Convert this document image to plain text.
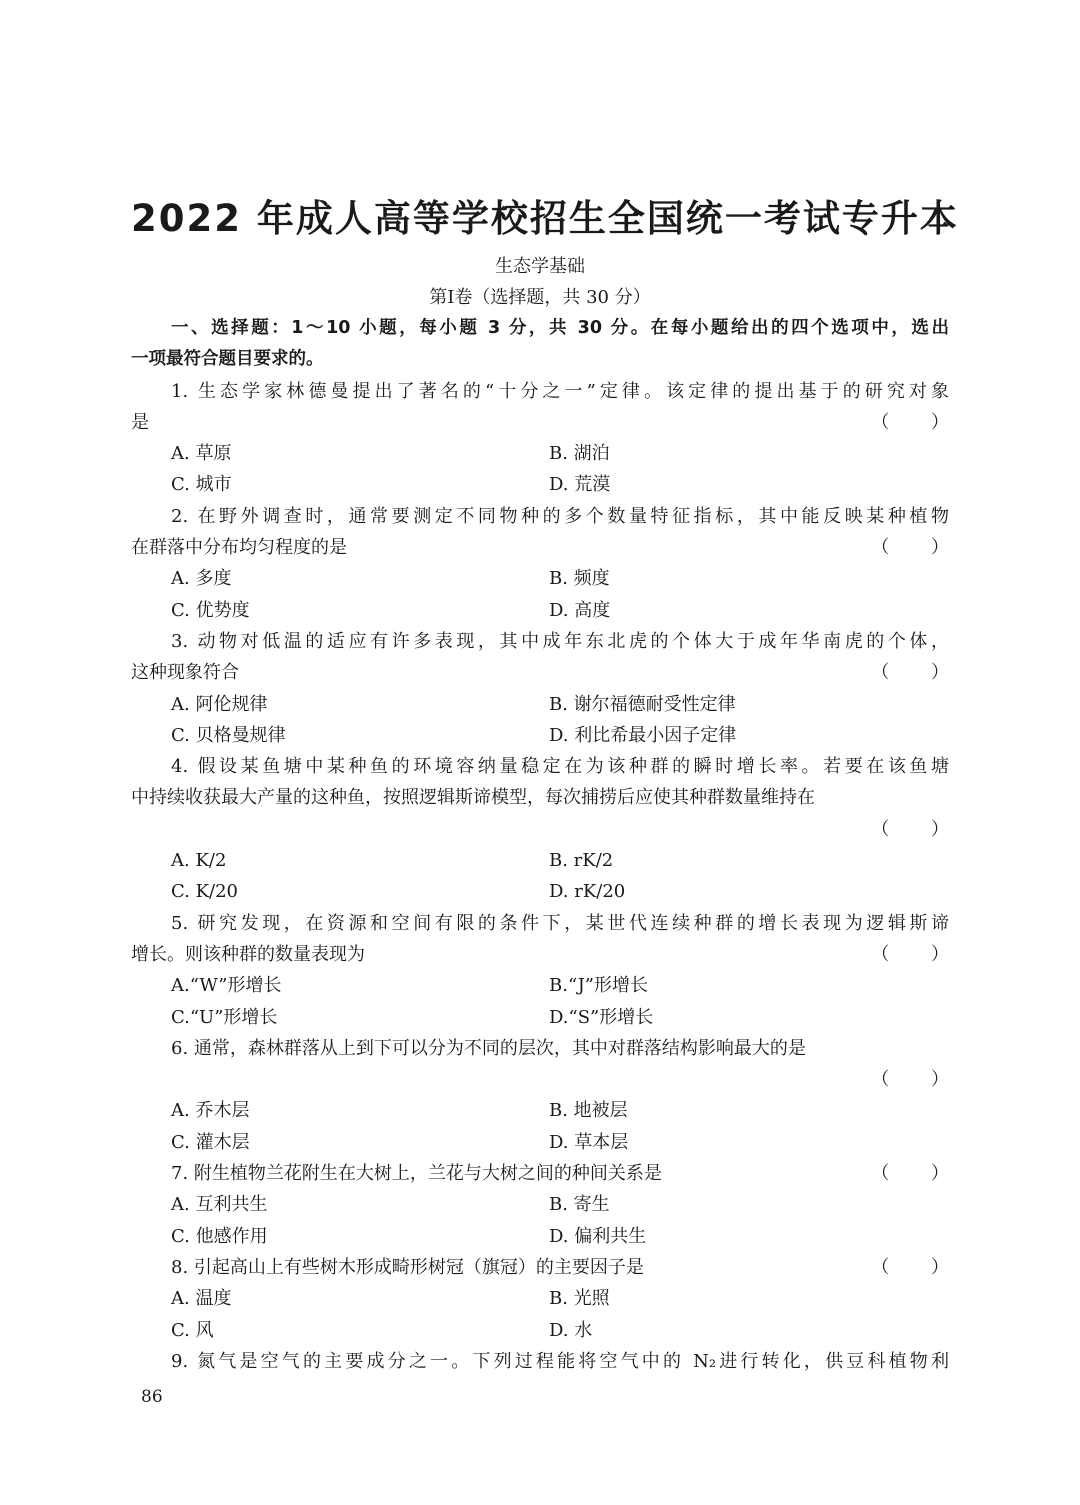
2022 年成人高等学校招生全国统一考试专升本
生态学基础
第Ⅰ卷（选择题，共 30 分）
一、选择题：1～10 小题，每小题 3 分，共 30 分。在每小题给出的四个选项中，选出
一项最符合题目要求的。
1. 生态学家林德曼提出了著名的“十分之一”定律。该定律的提出基于的研究对象
是	（ ）
A. 草原	B. 湖泊
C. 城市	D. 荒漠
2. 在野外调查时，通常要测定不同物种的多个数量特征指标，其中能反映某种植物
在群落中分布均匀程度的是	（ ）
A. 多度	B. 频度
C. 优势度	D. 高度
3. 动物对低温的适应有许多表现，其中成年东北虎的个体大于成年华南虎的个体，
这种现象符合	（ ）
A. 阿伦规律	B. 谢尔福德耐受性定律
C. 贝格曼规律	D. 利比希最小因子定律
4. 假设某鱼塘中某种鱼的环境容纳量稳定在为该种群的瞬时增长率。若要在该鱼塘
中持续收获最大产量的这种鱼，按照逻辑斯谛模型，每次捕捞后应使其种群数量维持在
（ ）
A. K/2	B. rK/2
C. K/20	D. rK/20
5. 研究发现，在资源和空间有限的条件下，某世代连续种群的增长表现为逻辑斯谛
增长。则该种群的数量表现为	（ ）
A.“W”形增长	B.“J”形增长
C.“U”形增长	D.“S”形增长
6. 通常，森林群落从上到下可以分为不同的层次，其中对群落结构影响最大的是
（ ）
A. 乔木层	B. 地被层
C. 灌木层	D. 草本层
7. 附生植物兰花附生在大树上，兰花与大树之间的种间关系是	（ ）
A. 互利共生	B. 寄生
C. 他感作用	D. 偏利共生
8. 引起高山上有些树木形成畸形树冠（旗冠）的主要因子是	（ ）
A. 温度	B. 光照
C. 风	D. 水
9. 氮气是空气的主要成分之一。下列过程能将空气中的 N₂进行转化，供豆科植物利
86
